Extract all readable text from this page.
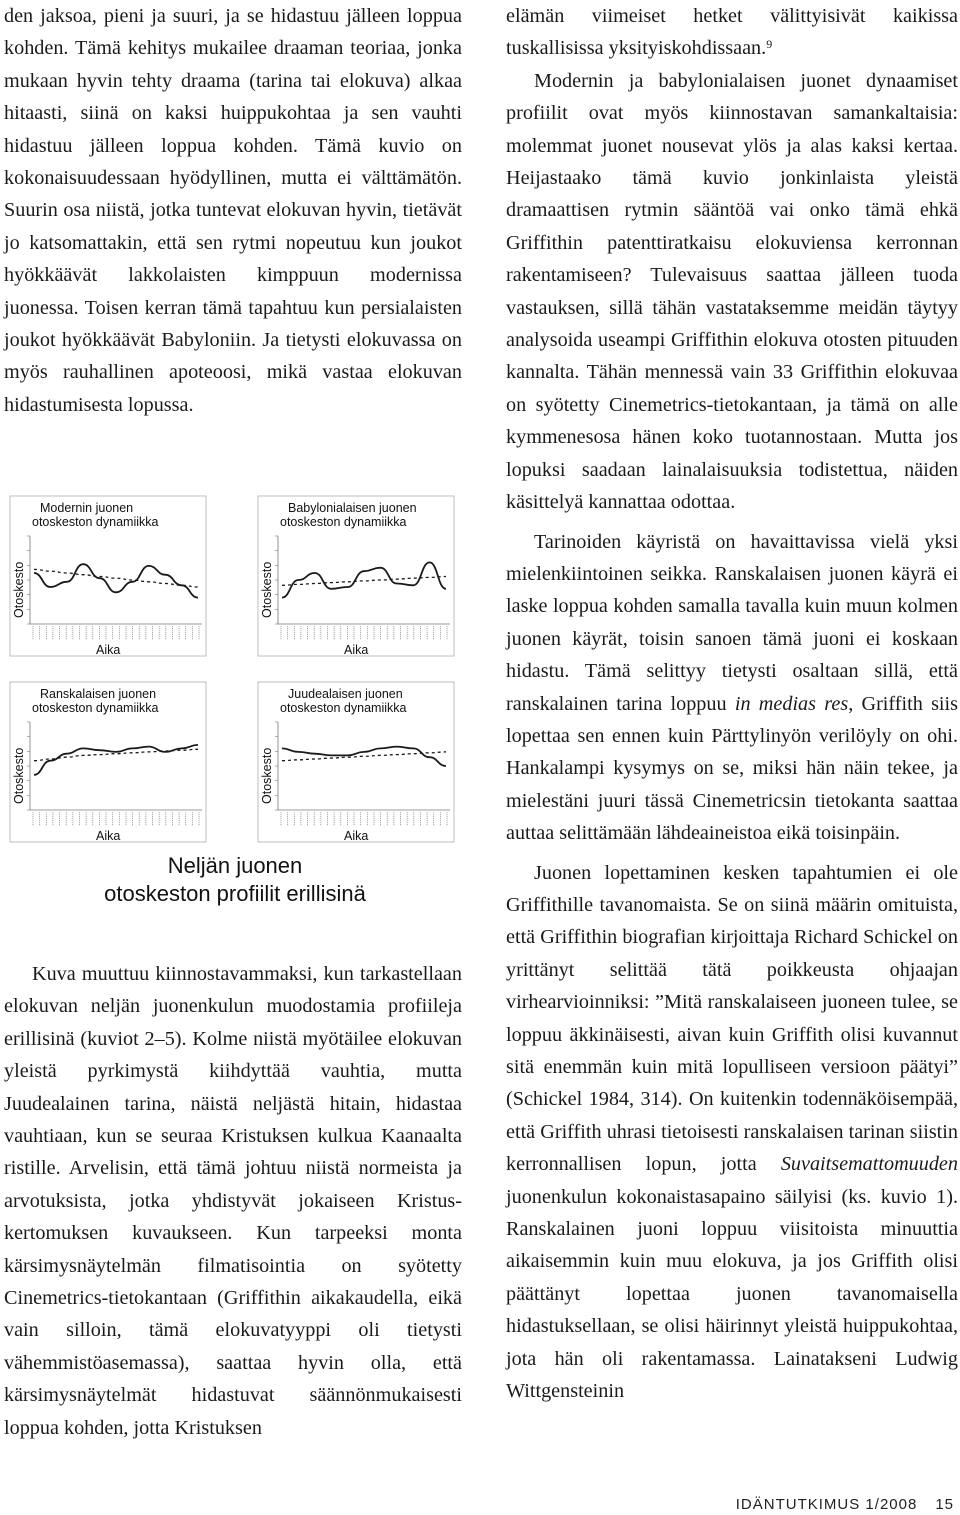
den jaksoa, pieni ja suuri, ja se hidastuu jälleen loppua kohden. Tämä kehitys mukailee draaman teoriaa, jonka mukaan hyvin tehty draama (tarina tai elokuva) alkaa hitaasti, siinä on kaksi huippukohtaa ja sen vauhti hidastuu jälleen loppua kohden. Tämä kuvio on kokonaisuudessaan hyödyllinen, mutta ei välttämätön. Suurin osa niistä, jotka tuntevat elokuvan hyvin, tietävät jo katsomattakin, että sen rytmi nopeutuu kun joukot hyökkäävät lakkolaisten kimppuun modernissa juonessa. Toisen kerran tämä tapahtuu kun persialaisten joukot hyökkäävät Babyloniin. Ja tietysti elokuvassa on myös rauhallinen apoteoosi, mikä vastaa elokuvan hidastumisesta lopussa.

Modernin juonen
otoskeston dynamiikka
Otoskesto
Aika
Babylonialaisen juonen
otoskeston dynamiikka
Otoskesto
Aika
Ranskalaisen juonen
otoskeston dynamiikka
Otoskesto
Aika
Juudealaisen juonen
otoskeston dynamiikka
Otoskesto
Aika
Neljän juonen
otoskeston profiilit erillisinä

Kuva muuttuu kiinnostavammaksi, kun tarkastellaan elokuvan neljän juonenkulun muodostamia profiileja erillisinä (kuviot 2–5). Kolme niistä myötäilee elokuvan yleistä pyrkimystä kiihdyttää vauhtia, mutta Juudealainen tarina, näistä neljästä hitain, hidastaa vauhtiaan, kun se seuraa Kristuksen kulkua Kaanaalta ristille. Arvelisin, että tämä johtuu niistä normeista ja arvotuksista, jotka yhdistyvät jokaiseen Kristuskertomuksen kuvaukseen. Kun tarpeeksi monta kärsimysnäytelmän filmatisointia on syötetty Cinemetrics-tietokantaan (Griffithin aikakaudella, eikä vain silloin, tämä elokuvatyyppi oli tietysti vähemmistöasemassa), saattaa hyvin olla, että kärsimysnäytelmät hidastuvat säännönmukaisesti loppua kohden, jotta Kristuksen

elämän viimeiset hetket välittyisivät kaikissa tuskallisissa yksityiskohdissaan.$^9$

Modernin ja babylonialaisen juonet dynaamiset profiilit ovat myös kiinnostavan samankaltaisia: molemmat juonet nousevat ylös ja alas kaksi kertaa. Heijastaako tämä kuvio jonkinlaista yleistä dramaattisen rytmin sääntöä vai onko tämä ehkä Griffithin patenttiratkaisu elokuviensa kerronnan rakentamiseen? Tulevaisuus saattaa jälleen tuoda vastauksen, sillä tähän vastataksemme meidän täytyy analysoida useampi Griffithin elokuva otosten pituuden kannalta. Tähän mennessä vain 33 Griffithin elokuvaa on syötetty Cinemetrics-tietokantaan, ja tämä on alle kymmenesosa hänen koko tuotannostaan. Mutta jos lopuksi saadaan lainalaisuuksia todistettua, näiden käsittelyä kannattaa odottaa.

Tarinoiden käyristä on havaittavissa vielä yksi mielenkiintoinen seikka. Ranskalaisen juonen käyrä ei laske loppua kohden samalla tavalla kuin muun kolmen juonen käyrät, toisin sanoen tämä juoni ei koskaan hidastu. Tämä selittyy tietysti osaltaan sillä, että ranskalainen tarina loppuu in medias res, Griffith siis lopettaa sen ennen kuin Pärttylinyön verilöyly on ohi. Hankalampi kysymys on se, miksi hän näin tekee, ja mielestäni juuri tässä Cinemetricsin tietokanta saattaa auttaa selittämään lähdeaineistoa eikä toisinpäin.

Juonen lopettaminen kesken tapahtumien ei ole Griffithille tavanomaista. Se on siinä määrin omituista, että Griffithin biografian kirjoittaja Richard Schickel on yrittänyt selittää tätä poikkeusta ohjaajan virhearvioinniksi: ”Mitä ranskalaiseen juoneen tulee, se loppuu äkkinäisesti, aivan kuin Griffith olisi kuvannut sitä enemmän kuin mitä lopulliseen versioon päätyi” (Schickel 1984, 314). On kuitenkin todennäköisempää, että Griffith uhrasi tietoisesti ranskalaisen tarinan siistin kerronnallisen lopun, jotta Suvaitsemattomuuden juonenkulun kokonaistasapaino säilyisi (ks. kuvio 1). Ranskalainen juoni loppuu viisitoista minuuttia aikaisemmin kuin muu elokuva, ja jos Griffith olisi päättänyt lopettaa juonen tavanomaisella hidastuksellaan, se olisi häirinnyt yleistä huippukohtaa, jota hän oli rakentamassa. Lainatakseni Ludwig Wittgensteinin

IDÄNTUTKIMUS 1/2008 15
